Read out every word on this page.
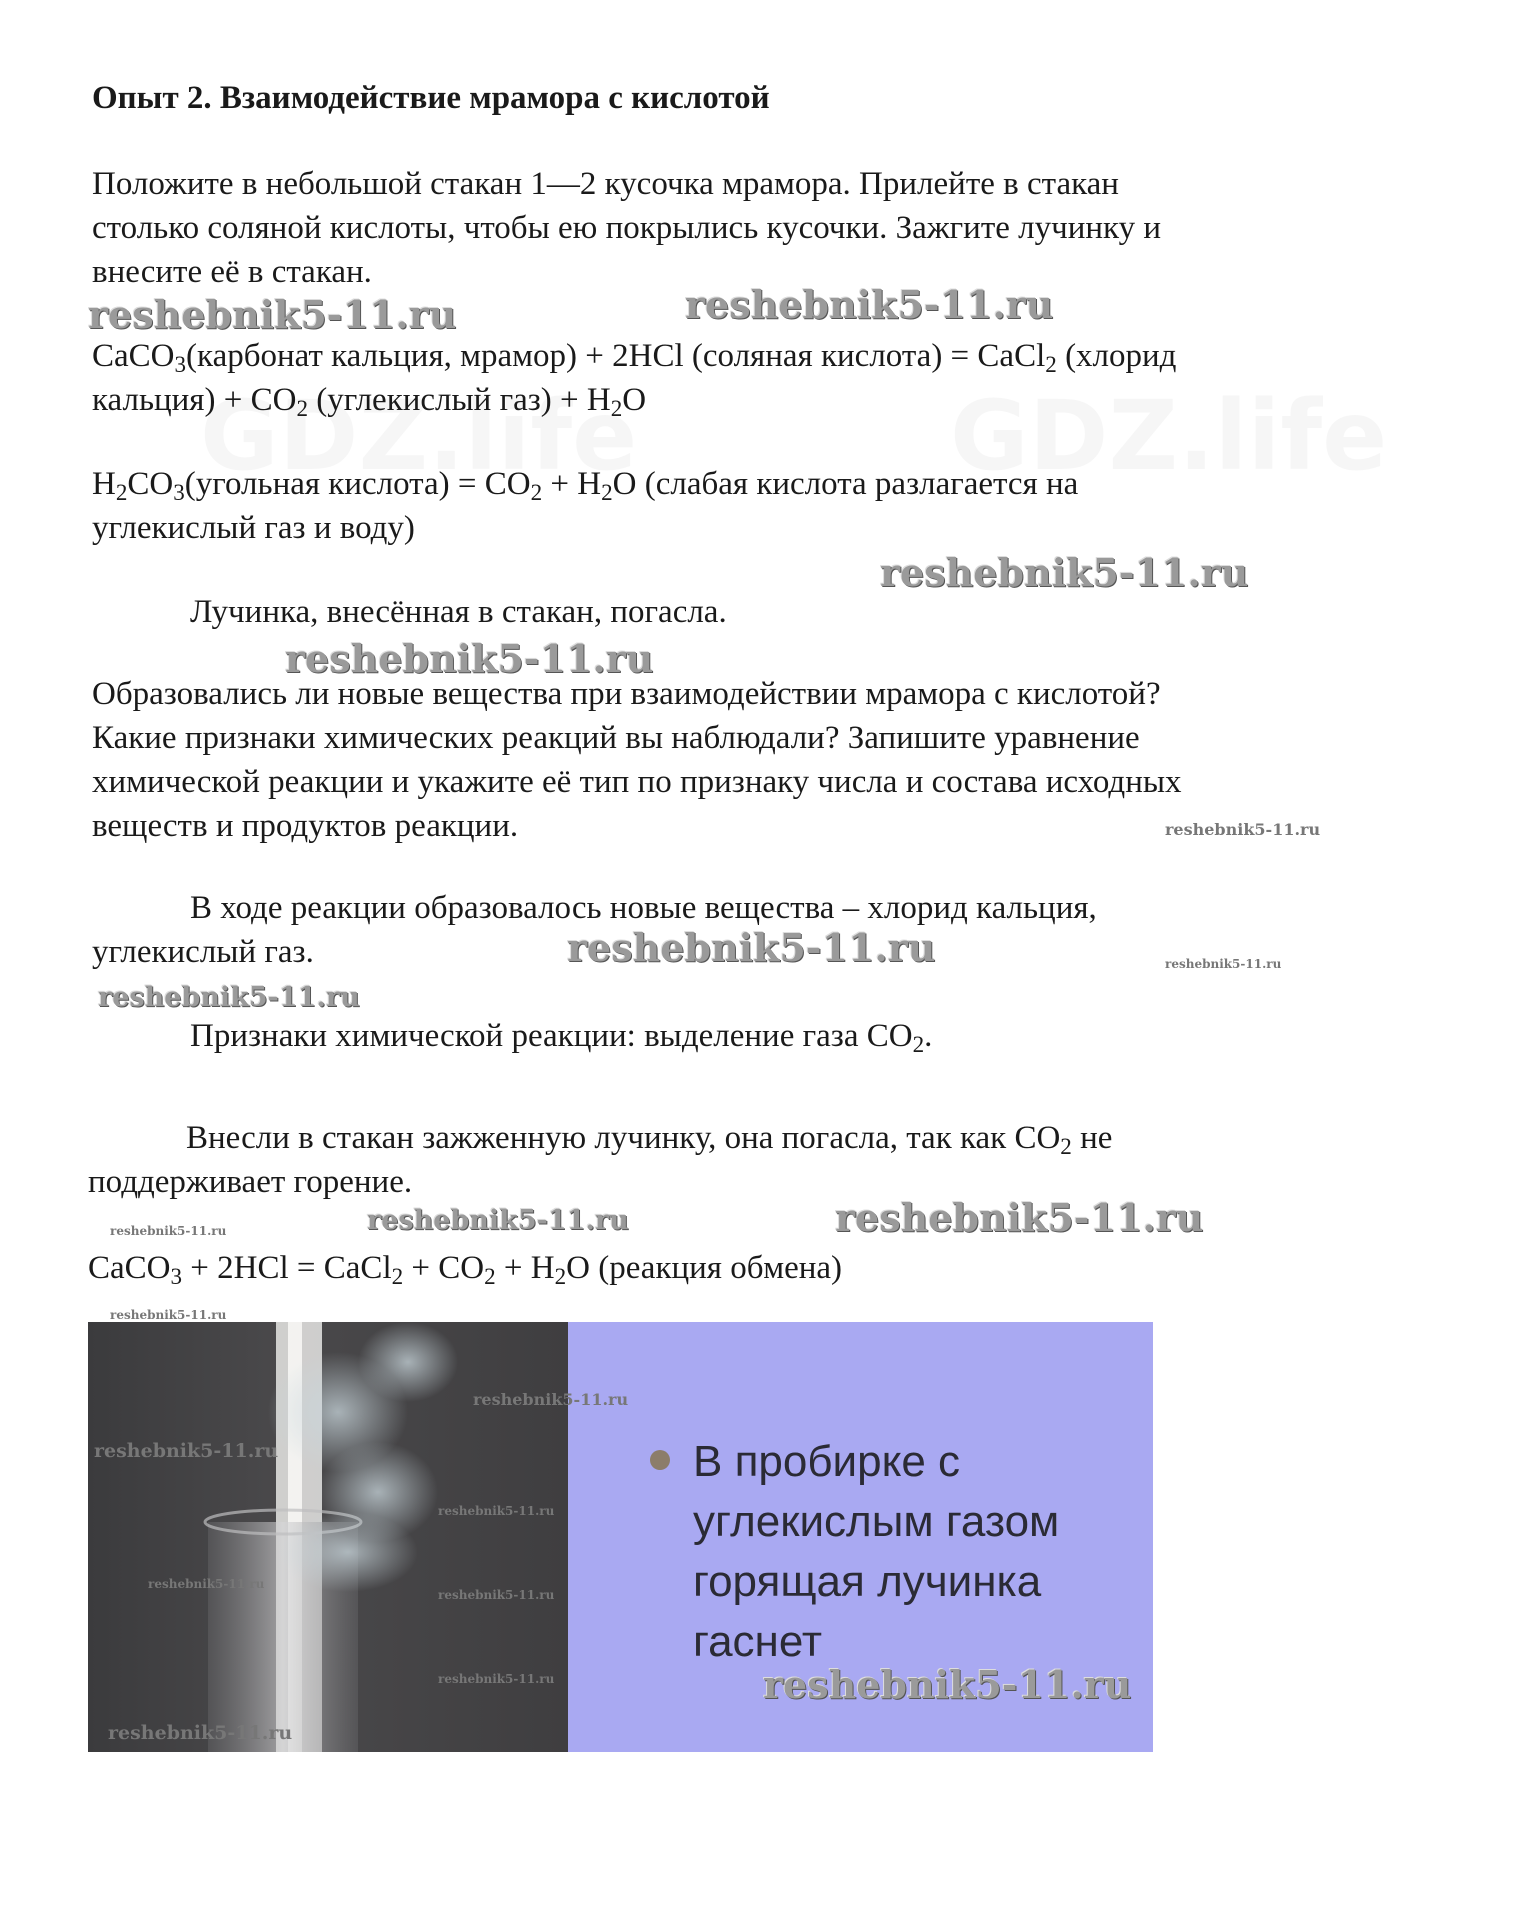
Опыт 2. Взаимодействие мрамора с кислотой
Положите в небольшой стакан 1—2 кусочка мрамора. Прилейте в стакан
столько соляной кислоты, чтобы ею покрылись кусочки. Зажгите лучинку и
внесите её в стакан.
reshebnik5-11.ru	reshebnik5-11.ru
CaCO$_3$(карбонат кальция, мрамор) + 2HCl (соляная кислота) = CaCl$_2$ (хлорид
кальция) + $CO_2$ (углекислый $газ) + H_2O$
$H_2CO_3(угольная$ кислота) = $CO_2 + H_2O$ (слабая кислота разлагается на
углекислый газ и воду)
reshebnik5-11.ru
Лучинка, внесённая в стакан, погасла.
reshebnik5-11.ru
Образовались ли новые вещества при взаимодействии мрамора с кислотой?
Какие признаки химических реакций вы наблюдали? Запишите уравнение
химической реакции и укажите её тип по признаку числа и состава исходных
веществ и продуктов реакции.	reshebnik5-11.ru
В ходе реакции образовалось новые вещества – хлорид кальция,
углекислый газ.	reshebnik5-11.ru	reshebnik5-11.ru
reshebnik5-11.ru
Признаки химической реакции: выделение газа $CO_2$.
Внесли в стакан зажженную лучинку, она погасла, так как $CO_2$ не
поддерживает горение.
reshebnik5-11.ru	reshebnik5-11.ru	reshebnik5-11.ru
CaCO$_3$ + 2HCl = CaCl$_2$ + $CO_2 + H_2O$ (реакция обмена)
reshebnik5-11.ru
В пробирке с углекислым газом горящая лучинка гаснет
reshebnik5-11.ru
reshebnik5-11.ru
reshebnik5-11.ru
reshebnik5-11.ru
reshebnik5-11.ru
reshebnik5-11.ru
reshebnik5-11.ru
reshebnik5-11.ru
